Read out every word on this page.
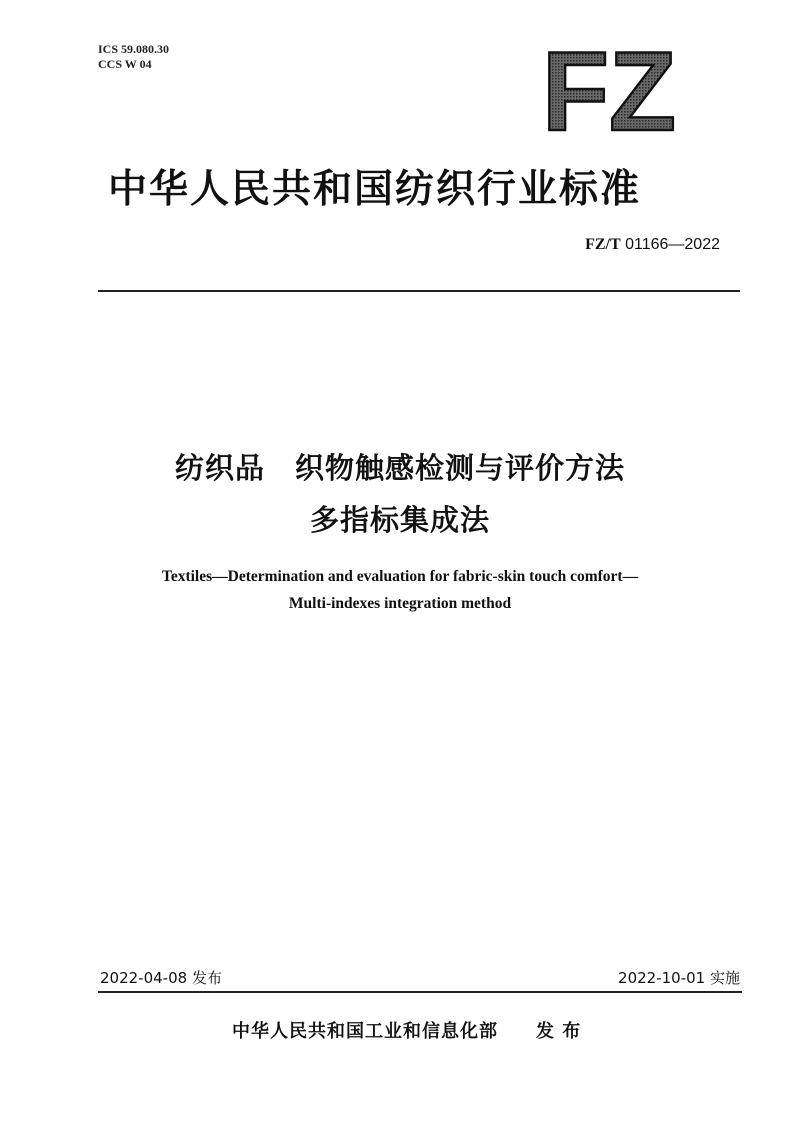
ICS 59.080.30
CCS W 04	FZ
中华人民共和国纺织行业标准
FZ/T 01166—2022
纺织品 织物触感检测与评价方法
多指标集成法
Textiles—Determination and evaluation for fabric-skin touch comfort—
Multi-indexes integration method
2022-04-08 发布	2022-10-01 实施
中华人民共和国工业和信息化部 发 布
